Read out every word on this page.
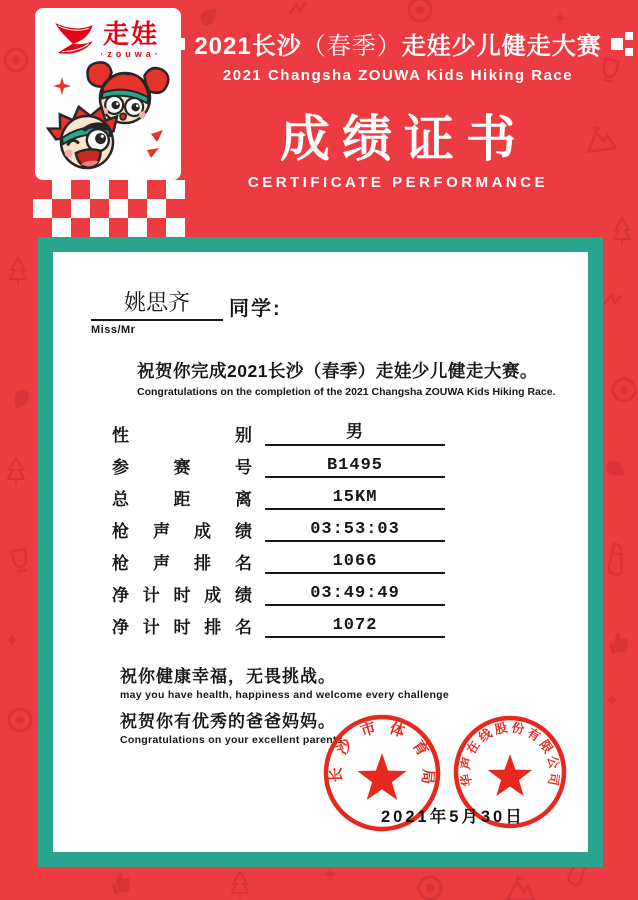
2021长沙（春季）走娃少儿健走大赛
2021 Changsha ZOUWA Kids Hiking Race
成绩证书
CERTIFICATE PERFORMANCE
走娃
·zouwa·
姚思齐	同学:
Miss/Mr
祝贺你完成2021长沙（春季）走娃少儿健走大赛。
Congratulations on the completion of the 2021 Changsha ZOUWA Kids Hiking Race.
性别	男
参赛号	B1495
总距离	15KM
枪声成绩	03:53:03
枪声排名	1066
净计时成绩	03:49:49
净计时排名	1072
祝你健康幸福，无畏挑战。
may you have health, happiness and welcome every challenge
祝贺你有优秀的爸爸妈妈。
Congratulations on your excellent parents
长沙市体育局 华声在线股份有限公司
2021年5月30日
